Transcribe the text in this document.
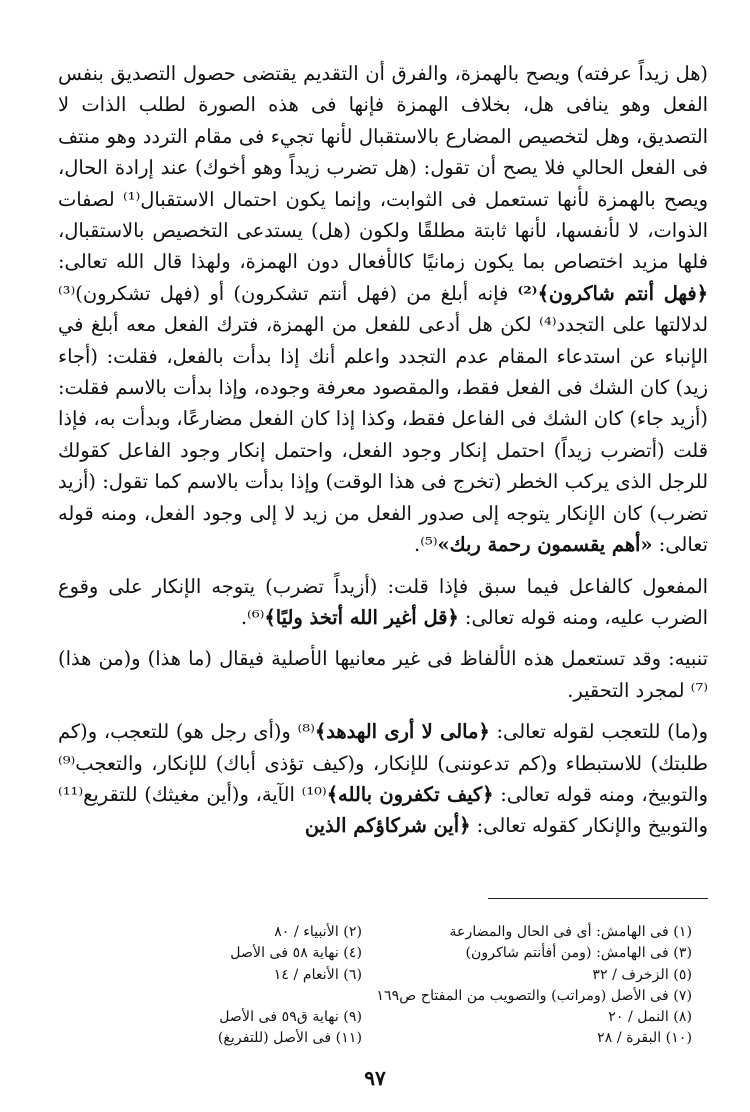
(هل زيداً عرفته) ويصح بالهمزة، والفرق أن التقديم يقتضى حصول التصديق بنفس الفعل وهو ينافى هل، بخلاف الهمزة فإنها فى هذه الصورة لطلب الذات لا التصديق، وهل لتخصيص المضارع بالاستقبال لأنها تجيء فى مقام التردد وهو منتف فى الفعل الحالي فلا يصح أن تقول: (هل تضرب زيداً وهو أخوك) عند إرادة الحال، ويصح بالهمزة لأنها تستعمل فى الثوابت، وإنما يكون احتمال الاستقبال⁽¹⁾ لصفات الذوات، لا لأنفسها، لأنها ثابتة مطلقًا ولكون (هل) يستدعى التخصيص بالاستقبال، فلها مزيد اختصاص بما يكون زمانيًا كالأفعال دون الهمزة، ولهذا قال الله تعالى:﴿فهل أنتم شاكرون﴾⁽²⁾ فإنه أبلغ من (فهل أنتم تشكرون) أو (فهل تشكرون)⁽³⁾ لدلالتها على التجدد⁽⁴⁾ لكن هل أدعى للفعل من الهمزة، فترك الفعل معه أبلغ في الإنباء عن استدعاء المقام عدم التجدد واعلم أنك إذا بدأت بالفعل، فقلت: (أجاء زيد) كان الشك فى الفعل فقط، والمقصود معرفة وجوده، وإذا بدأت بالاسم فقلت: (أزيد جاء) كان الشك فى الفاعل فقط، وكذا إذا كان الفعل مضارعًا، وبدأت به، فإذا قلت (أتضرب زيداً) احتمل إنكار وجود الفعل، واحتمل إنكار وجود الفاعل كقولك للرجل الذى يركب الخطر (تخرج فى هذا الوقت) وإذا بدأت بالاسم كما تقول: (أزيد تضرب) كان الإنكار يتوجه إلى صدور الفعل من زيد لا إلى وجود الفعل، ومنه قوله تعالى: «أهم يقسمون رحمة ربك»⁽⁵⁾.

المفعول كالفاعل فيما سبق فإذا قلت: (أزيداً تضرب) يتوجه الإنكار على وقوع الضرب عليه، ومنه قوله تعالى: ﴿قل أغير الله أتخذ وليًا﴾⁽⁶⁾.

تنبيه: وقد تستعمل هذه الألفاظ فى غير معانيها الأصلية فيقال (ما هذا) و(من هذا)⁽⁷⁾ لمجرد التحقير.

و(ما) للتعجب لقوله تعالى: ﴿مالى لا أرى الهدهد﴾⁽⁸⁾ و(أى رجل هو) للتعجب، و(كم طلبتك) للاستبطاء و(كم تدعوننى) للإنكار، و(كيف تؤذى أباك) للإنكار، والتعجب⁽⁹⁾ والتوبيخ، ومنه قوله تعالى: ﴿كيف تكفرون بالله﴾⁽¹⁰⁾ الآية، و(أين مغيثك) للتقريع⁽¹¹⁾ والتوبيخ والإنكار كقوله تعالى: ﴿أين شركاؤكم الذين

(١) فى الهامش: أى فى الحال والمضارعة
(٢) الأنبياء / ٨٠
(٣) فى الهامش: (ومن أفأنتم شاكرون)
(٤) نهاية ٥٨ فى الأصل
(٥) الزخرف / ٣٢
(٦) الأنعام / ١٤
(٧) فى الأصل (ومراتب) والتصويب من المفتاح ص١٦٩
(٨) النمل / ٢٠
(٩) نهاية ق٥٩ فى الأصل
(١٠) البقرة / ٢٨
(١١) فى الأصل (للتفريغ)
٩٧
